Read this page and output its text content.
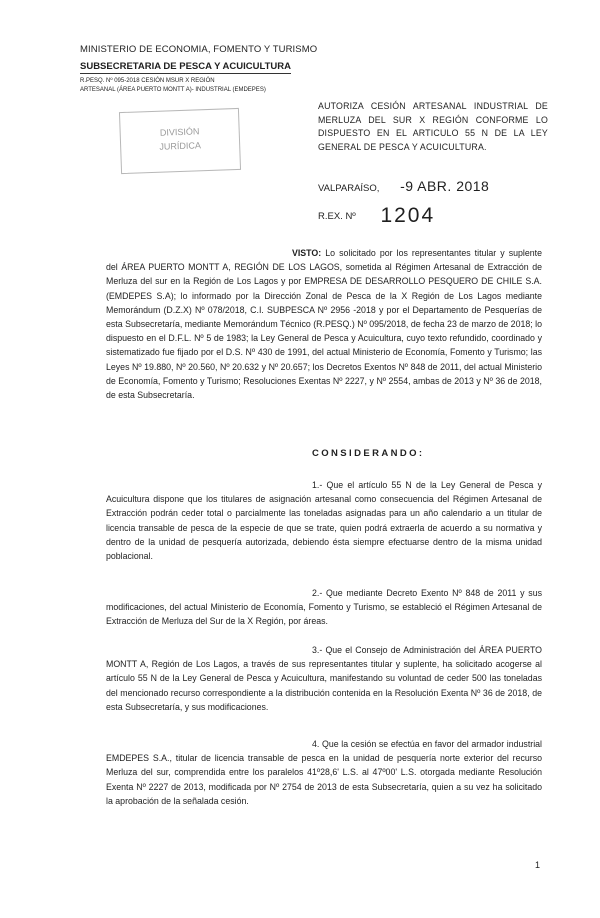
MINISTERIO DE ECONOMIA, FOMENTO Y TURISMO
SUBSECRETARIA DE PESCA Y ACUICULTURA
R.PESQ. Nº 095-2018 CESIÓN MSUR X REGIÓN
ARTESANAL (ÁREA PUERTO MONTT A)- INDUSTRIAL (EMDEPES)
DIVISIÓN
JURÍDICA
AUTORIZA CESIÓN ARTESANAL INDUSTRIAL DE MERLUZA DEL SUR X REGIÓN CONFORME LO DISPUESTO EN EL ARTICULO 55 N DE LA LEY GENERAL DE PESCA Y ACUICULTURA.
VALPARAÍSO, -9 ABR. 2018
R.EX. Nº 1204
VISTO: Lo solicitado por los representantes titular y suplente del ÁREA PUERTO MONTT A, REGIÓN DE LOS LAGOS, sometida al Régimen Artesanal de Extracción de Merluza del sur en la Región de Los Lagos y por EMPRESA DE DESARROLLO PESQUERO DE CHILE S.A. (EMDEPES S.A); lo informado por la Dirección Zonal de Pesca de la X Región de Los Lagos mediante Memorándum (D.Z.X) Nº 078/2018, C.I. SUBPESCA Nº 2956 -2018 y por el Departamento de Pesquerías de esta Subsecretaría, mediante Memorándum Técnico (R.PESQ.) Nº 095/2018, de fecha 23 de marzo de 2018; lo dispuesto en el D.F.L. Nº 5 de 1983; la Ley General de Pesca y Acuicultura, cuyo texto refundido, coordinado y sistematizado fue fijado por el D.S. Nº 430 de 1991, del actual Ministerio de Economía, Fomento y Turismo; las Leyes Nº 19.880, Nº 20.560, Nº 20.632 y Nº 20.657; los Decretos Exentos Nº 848 de 2011, del actual Ministerio de Economía, Fomento y Turismo; Resoluciones Exentas Nº 2227, y Nº 2554, ambas de 2013 y Nº 36 de 2018, de esta Subsecretaría.
CONSIDERANDO:
1.- Que el artículo 55 N de la Ley General de Pesca y Acuicultura dispone que los titulares de asignación artesanal como consecuencia del Régimen Artesanal de Extracción podrán ceder total o parcialmente las toneladas asignadas para un año calendario a un titular de licencia transable de pesca de la especie de que se trate, quien podrá extraerla de acuerdo a su normativa y dentro de la unidad de pesquería autorizada, debiendo ésta siempre efectuarse dentro de la misma unidad poblacional.
2.- Que mediante Decreto Exento Nº 848 de 2011 y sus modificaciones, del actual Ministerio de Economía, Fomento y Turismo, se estableció el Régimen Artesanal de Extracción de Merluza del Sur de la X Región, por áreas.
3.- Que el Consejo de Administración del ÁREA PUERTO MONTT A, Región de Los Lagos, a través de sus representantes titular y suplente, ha solicitado acogerse al artículo 55 N de la Ley General de Pesca y Acuicultura, manifestando su voluntad de ceder 500 las toneladas del mencionado recurso correspondiente a la distribución contenida en la Resolución Exenta Nº 36 de 2018, de esta Subsecretaría, y sus modificaciones.
4. Que la cesión se efectúa en favor del armador industrial EMDEPES S.A., titular de licencia transable de pesca en la unidad de pesquería norte exterior del recurso Merluza del sur, comprendida entre los paralelos 41º28,6' L.S. al 47º00' L.S. otorgada mediante Resolución Exenta Nº 2227 de 2013, modificada por Nº 2754 de 2013 de esta Subsecretaría, quien a su vez ha solicitado la aprobación de la señalada cesión.
1
